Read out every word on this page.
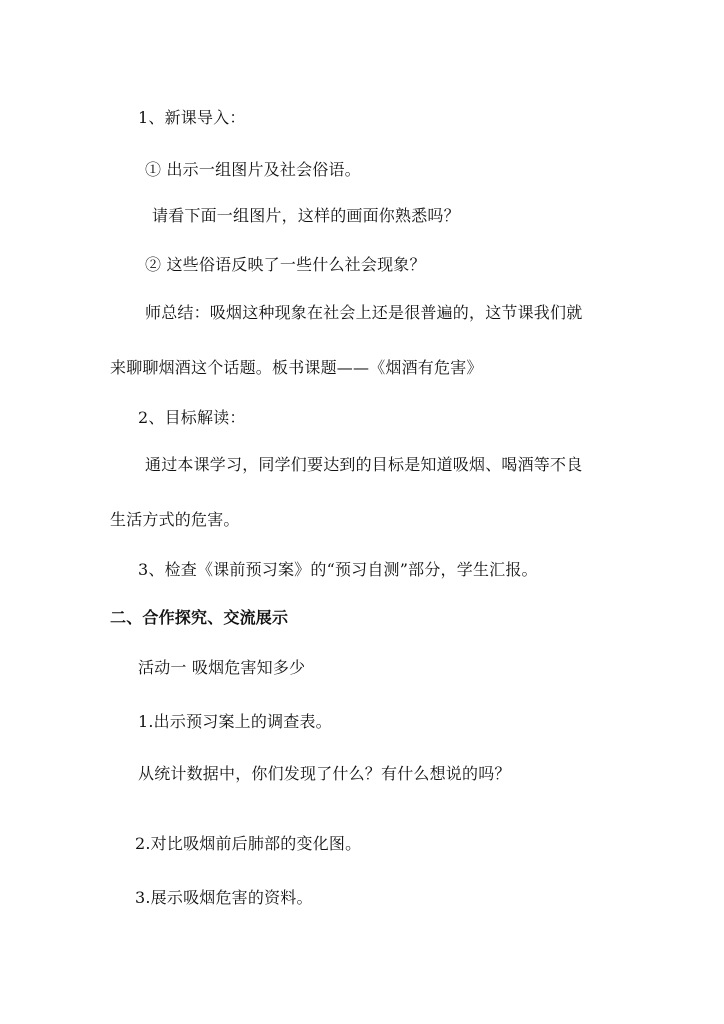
1、新课导入：
① 出示一组图片及社会俗语。
请看下面一组图片，这样的画面你熟悉吗？
② 这些俗语反映了一些什么社会现象？
师总结：吸烟这种现象在社会上还是很普遍的，这节课我们就
来聊聊烟酒这个话题。板书课题——《烟酒有危害》
2、目标解读：
通过本课学习，同学们要达到的目标是知道吸烟、喝酒等不良
生活方式的危害。
3、检查《课前预习案》的“预习自测”部分，学生汇报。
二、合作探究、交流展示
活动一 吸烟危害知多少
1.出示预习案上的调查表。
从统计数据中，你们发现了什么？有什么想说的吗？
2.对比吸烟前后肺部的变化图。
3.展示吸烟危害的资料。
